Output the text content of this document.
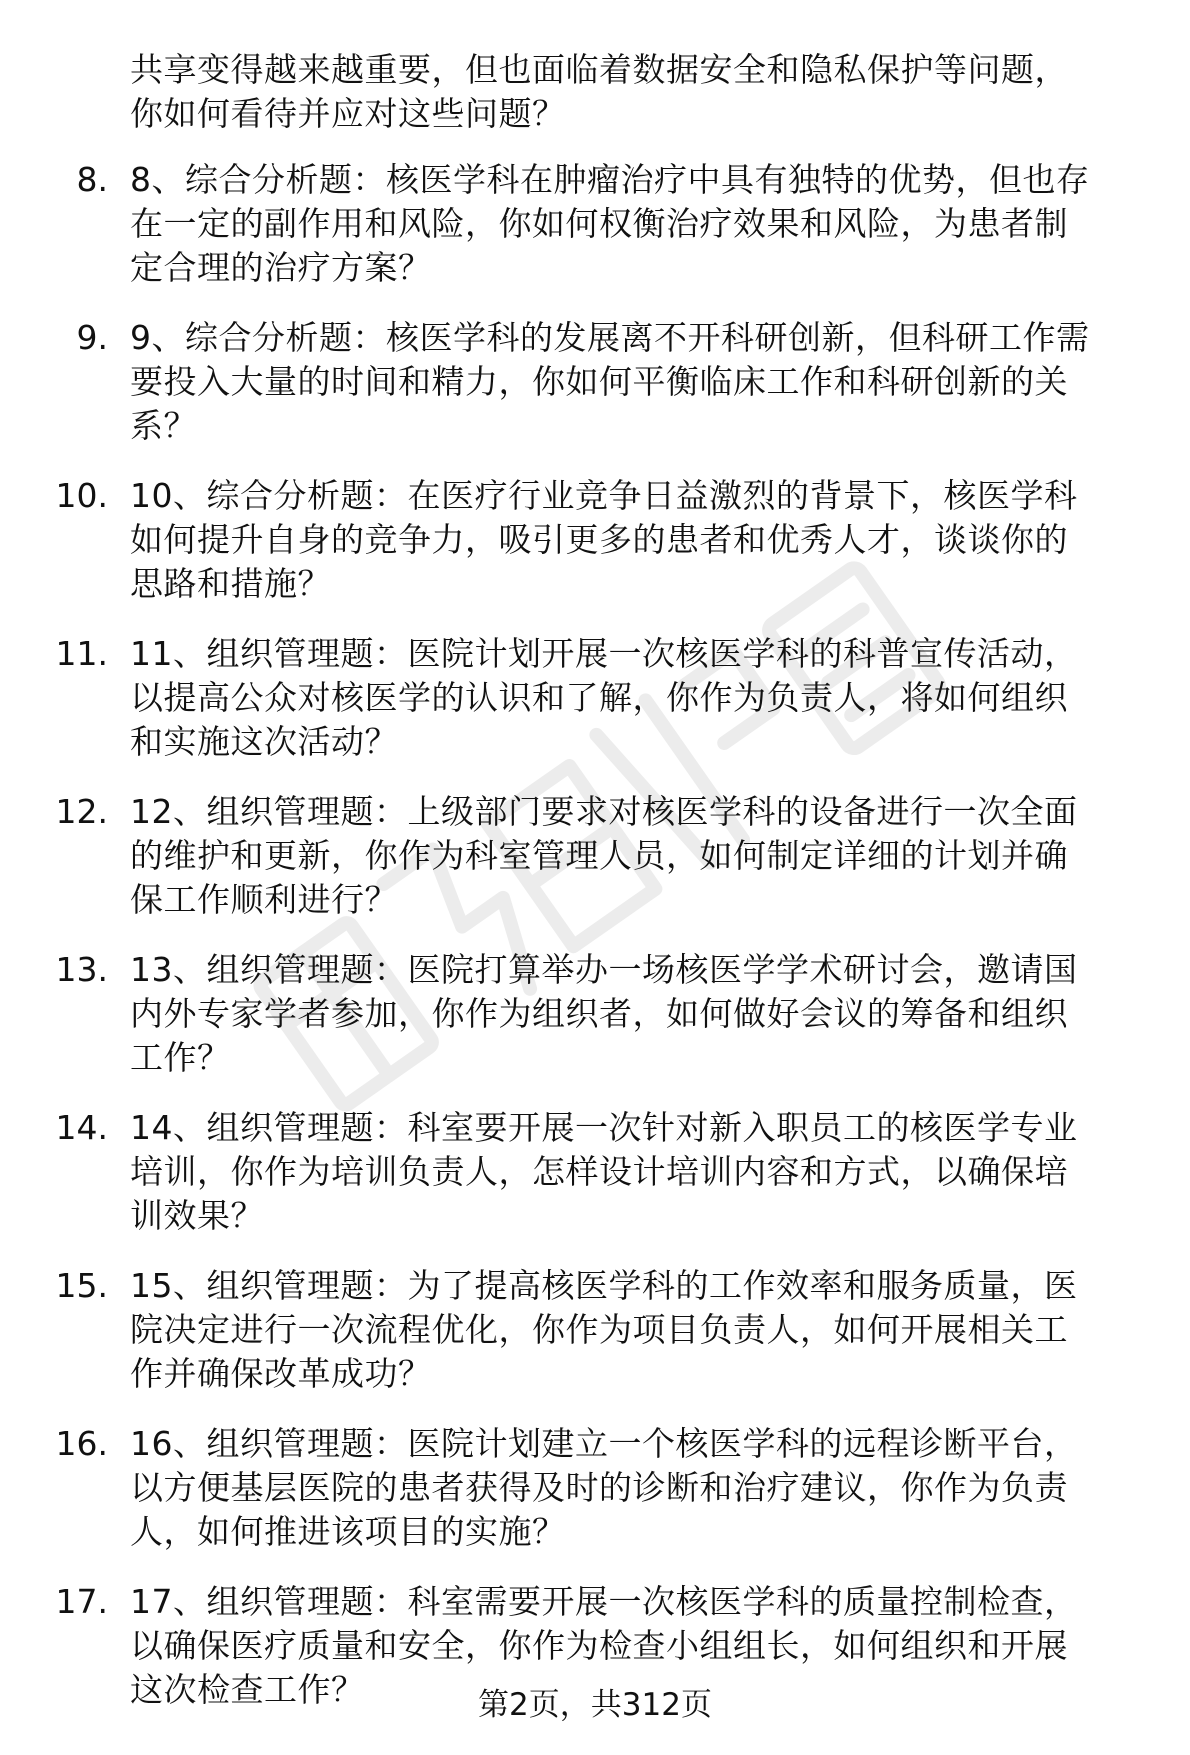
共享变得越来越重要，但也面临着数据安全和隐私保护等问题，

你如何看待并应对这些问题？

8. 8、综合分析题：核医学科在肿瘤治疗中具有独特的优势，但也存

在一定的副作用和风险，你如何权衡治疗效果和风险，为患者制

定合理的治疗方案？

9. 9、综合分析题：核医学科的发展离不开科研创新，但科研工作需

要投入大量的时间和精力，你如何平衡临床工作和科研创新的关

系？

10. 10、综合分析题：在医疗行业竞争日益激烈的背景下，核医学科

如何提升自身的竞争力，吸引更多的患者和优秀人才，谈谈你的

思路和措施？

11. 11、组织管理题：医院计划开展一次核医学科的科普宣传活动，

以提高公众对核医学的认识和了解，你作为负责人，将如何组织

和实施这次活动？

12. 12、组织管理题：上级部门要求对核医学科的设备进行一次全面

的维护和更新，你作为科室管理人员，如何制定详细的计划并确

保工作顺利进行？

13. 13、组织管理题：医院打算举办一场核医学学术研讨会，邀请国

内外专家学者参加，你作为组织者，如何做好会议的筹备和组织

工作？

14. 14、组织管理题：科室要开展一次针对新入职员工的核医学专业

培训，你作为培训负责人，怎样设计培训内容和方式，以确保培

训效果？

15. 15、组织管理题：为了提高核医学科的工作效率和服务质量，医

院决定进行一次流程优化，你作为项目负责人，如何开展相关工

作并确保改革成功？

16. 16、组织管理题：医院计划建立一个核医学科的远程诊断平台，

以方便基层医院的患者获得及时的诊断和治疗建议，你作为负责

人，如何推进该项目的实施？

17. 17、组织管理题：科室需要开展一次核医学科的质量控制检查，

以确保医疗质量和安全，你作为检查小组组长，如何组织和开展

这次检查工作？	第2页，共312页
